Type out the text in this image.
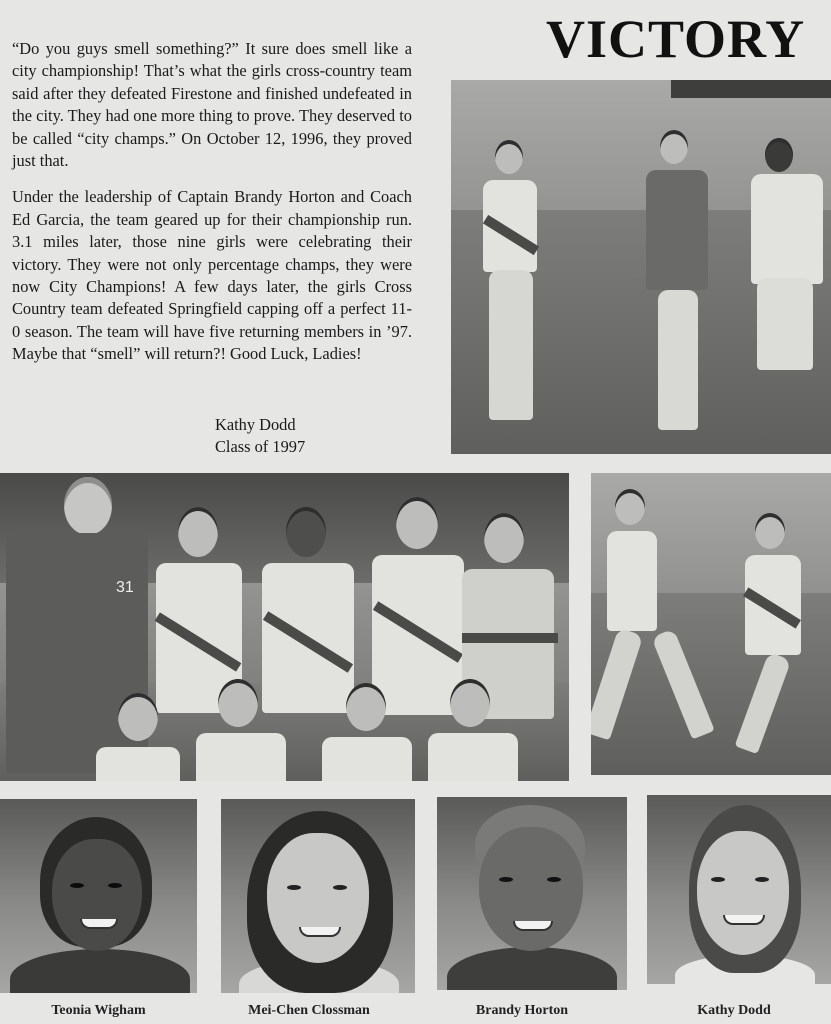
VICTORY

“Do you guys smell something?” It sure does smell like a city championship! That’s what the girls cross-country team said after they defeated Firestone and finished undefeated in the city. They had one more thing to prove. They deserved to be called “city champs.” On October 12, 1996, they proved just that.

Under the leadership of Captain Brandy Horton and Coach Ed Garcia, the team geared up for their championship run. 3.1 miles later, those nine girls were celebrating their victory. They were not only percentage champs, they were now City Champions! A few days later, the girls Cross Country team defeated Springfield capping off a perfect 11-0 season. The team will have five returning members in ’97. Maybe that “smell” will return?! Good Luck, Ladies!

Kathy Dodd
Class of 1997
31
Teonia Wigham	Mei-Chen Clossman	Brandy Horton	Kathy Dodd
